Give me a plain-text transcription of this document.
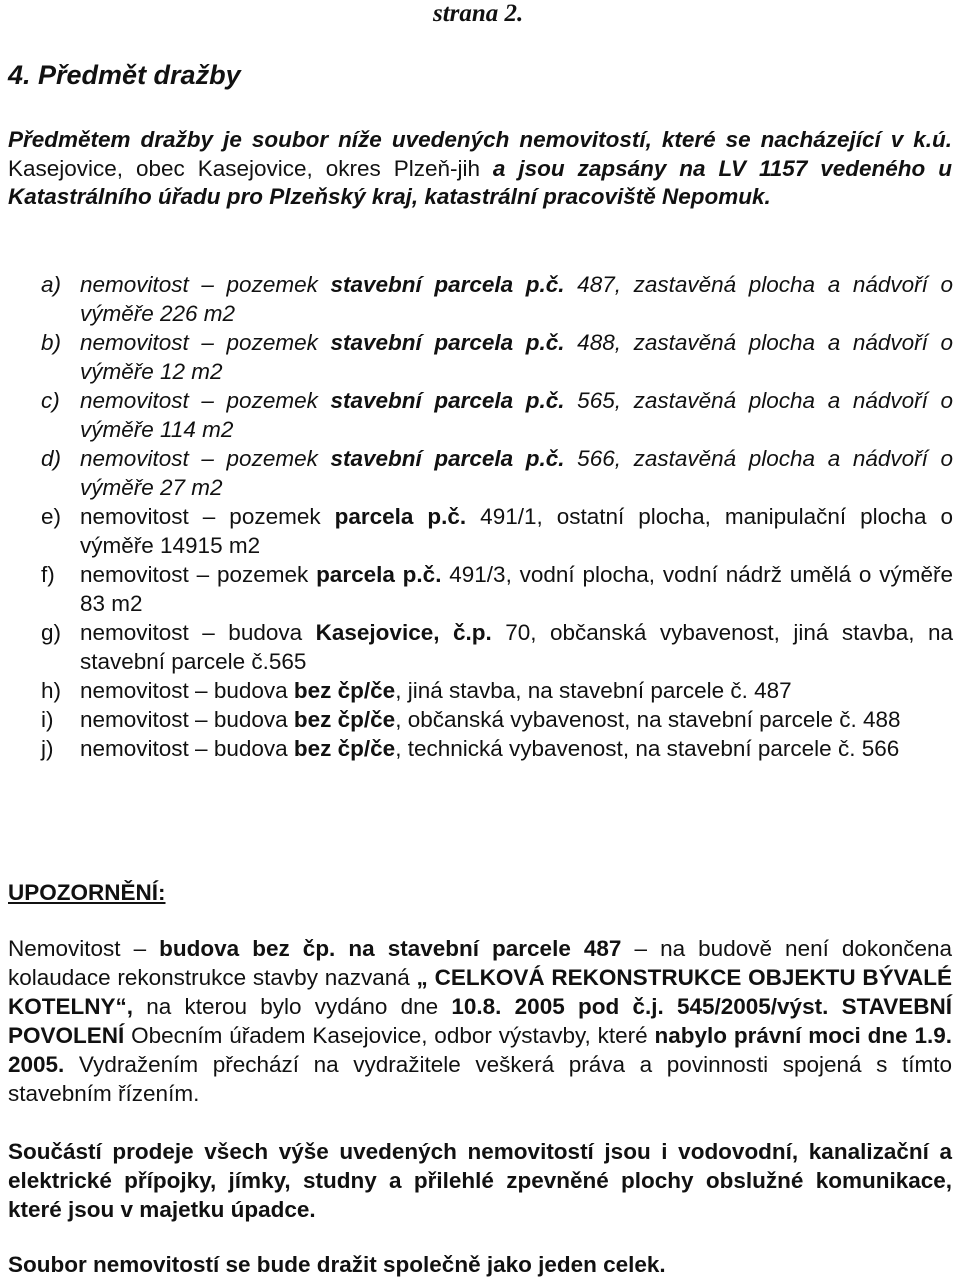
strana 2.
4. Předmět dražby
Předmětem dražby je soubor níže uvedených nemovitostí, které se nacházející v k.ú. Kasejovice, obec Kasejovice, okres Plzeň-jih a jsou zapsány na LV 1157 vedeného u Katastrálního úřadu pro Plzeňský kraj, katastrální pracoviště Nepomuk.
a) nemovitost – pozemek stavební parcela p.č. 487, zastavěná plocha a nádvoří o výměře 226 m2
b) nemovitost – pozemek stavební parcela p.č. 488, zastavěná plocha a nádvoří o výměře 12 m2
c) nemovitost – pozemek stavební parcela p.č. 565, zastavěná plocha a nádvoří o výměře 114 m2
d) nemovitost – pozemek stavební parcela p.č. 566, zastavěná plocha a nádvoří o výměře 27 m2
e) nemovitost – pozemek parcela p.č. 491/1, ostatní plocha, manipulační plocha o výměře 14915 m2
f) nemovitost – pozemek parcela p.č. 491/3, vodní plocha, vodní nádrž umělá o výměře 83 m2
g) nemovitost – budova Kasejovice, č.p. 70, občanská vybavenost, jiná stavba, na stavební parcele č.565
h) nemovitost – budova bez čp/če, jiná stavba, na stavební parcele č. 487
i) nemovitost – budova bez čp/če, občanská vybavenost, na stavební parcele č. 488
j) nemovitost – budova bez čp/če, technická vybavenost, na stavební parcele č. 566
UPOZORNĚNÍ:
Nemovitost – budova bez čp. na stavební parcele 487 – na budově není dokončena kolaudace rekonstrukce stavby nazvaná „ CELKOVÁ REKONSTRUKCE OBJEKTU BÝVALÉ KOTELNY“, na kterou bylo vydáno dne 10.8. 2005 pod č.j. 545/2005/výst. STAVEBNÍ POVOLENÍ Obecním úřadem Kasejovice, odbor výstavby, které nabylo právní moci dne 1.9. 2005. Vydražením přechází na vydražitele veškerá práva a povinnosti spojená s tímto stavebním řízením.
Součástí prodeje všech výše uvedených nemovitostí jsou i vodovodní, kanalizační a elektrické přípojky, jímky, studny a přilehlé zpevněné plochy obslužné komunikace, které jsou v majetku úpadce.
Soubor nemovitostí se bude dražit společně jako jeden celek.
